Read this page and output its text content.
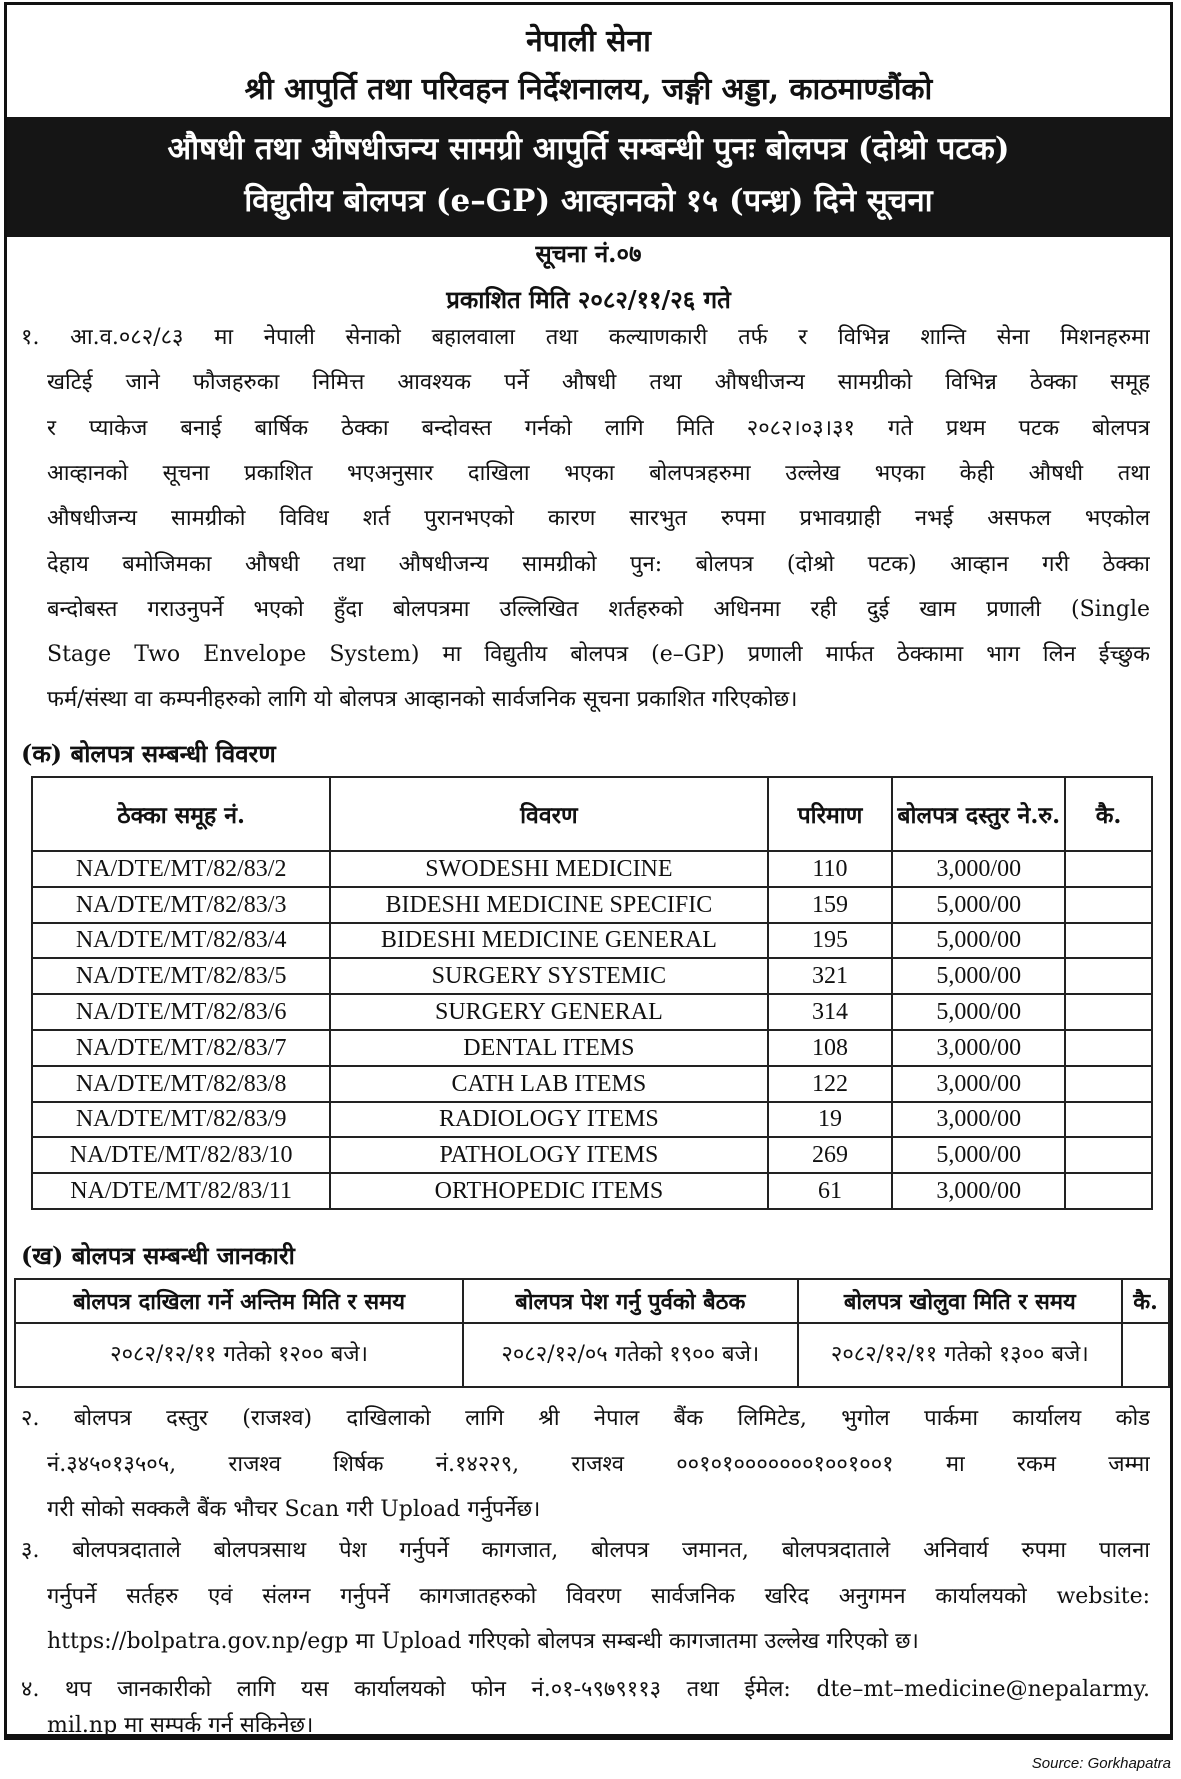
नेपाली सेना
श्री आपुर्ति तथा परिवहन निर्देशनालय, जङ्गी अड्डा, काठमाण्डौंको
औषधी तथा औषधीजन्य सामग्री आपुर्ति सम्बन्धी पुनः बोलपत्र (दोश्रो पटक)
विद्युतीय बोलपत्र (e–GP) आव्हानको १५ (पन्ध्र) दिने सूचना
सूचना नं.०७
प्रकाशित मिति २०८२/११/२६ गते
१. आ.व.०८२/८३ मा नेपाली सेनाको बहालवाला तथा कल्याणकारी तर्फ र विभिन्न शान्ति सेना मिशनहरुमा
खटिई जाने फौजहरुका निमित्त आवश्यक पर्ने औषधी तथा औषधीजन्य सामग्रीको विभिन्न ठेक्का समूह
र प्याकेज बनाई बार्षिक ठेक्का बन्दोवस्त गर्नको लागि मिति २०८२।०३।३१ गते प्रथम पटक बोलपत्र
आव्हानको सूचना प्रकाशित भएअनुसार दाखिला भएका बोलपत्रहरुमा उल्लेख भएका केही औषधी तथा
औषधीजन्य सामग्रीको विविध शर्त पुरानभएको कारण सारभुत रुपमा प्रभावग्राही नभई असफल भएकोल
देहाय बमोजिमका औषधी तथा औषधीजन्य सामग्रीको पुन: बोलपत्र (दोश्रो पटक) आव्हान गरी ठेक्का
बन्दोबस्त गराउनुपर्ने भएको हुँदा बोलपत्रमा उल्लिखित शर्तहरुको अधिनमा रही दुई खाम प्रणाली (Single
Stage Two Envelope System) मा विद्युतीय बोलपत्र (e–GP) प्रणाली मार्फत ठेक्कामा भाग लिन ईच्छुक
फर्म/संस्था वा कम्पनीहरुको लागि यो बोलपत्र आव्हानको सार्वजनिक सूचना प्रकाशित गरिएकोछ।
(क) बोलपत्र सम्बन्धी विवरण
ठेक्का समूह नं.	विवरण	परिमाण	बोलपत्र दस्तुर ने.रु.	कै.
NA/DTE/MT/82/83/2	SWODESHI MEDICINE	110	3,000/00	
NA/DTE/MT/82/83/3	BIDESHI MEDICINE SPECIFIC	159	5,000/00	
NA/DTE/MT/82/83/4	BIDESHI MEDICINE GENERAL	195	5,000/00	
NA/DTE/MT/82/83/5	SURGERY SYSTEMIC	321	5,000/00	
NA/DTE/MT/82/83/6	SURGERY GENERAL	314	5,000/00	
NA/DTE/MT/82/83/7	DENTAL ITEMS	108	3,000/00	
NA/DTE/MT/82/83/8	CATH LAB ITEMS	122	3,000/00	
NA/DTE/MT/82/83/9	RADIOLOGY ITEMS	19	3,000/00	
NA/DTE/MT/82/83/10	PATHOLOGY ITEMS	269	5,000/00	
NA/DTE/MT/82/83/11	ORTHOPEDIC ITEMS	61	3,000/00	
(ख) बोलपत्र सम्बन्धी जानकारी
बोलपत्र दाखिला गर्ने अन्तिम मिति र समय	बोलपत्र पेश गर्नु पुर्वको बैठक	बोलपत्र खोलुवा मिति र समय	कै.
२०८२/१२/११ गतेको १२०० बजे।	२०८२/१२/०५ गतेको १९०० बजे।	२०८२/१२/११ गतेको १३०० बजे।	
२. बोलपत्र दस्तुर (राजश्व) दाखिलाको लागि श्री नेपाल बैंक लिमिटेड, भुगोल पार्कमा कार्यालय कोड
नं.३४५०१३५०५, राजश्व शिर्षक नं.१४२२९, राजश्व ००१०१०००००००१००१००१ मा रकम जम्मा
गरी सोको सक्कलै बैंक भौचर Scan गरी Upload गर्नुपर्नेछ।
३. बोलपत्रदाताले बोलपत्रसाथ पेश गर्नुपर्ने कागजात, बोलपत्र जमानत, बोलपत्रदाताले अनिवार्य रुपमा पालना
गर्नुपर्ने सर्तहरु एवं संलग्न गर्नुपर्ने कागजातहरुको विवरण सार्वजनिक खरिद अनुगमन कार्यालयको website:
https://bolpatra.gov.np/egp मा Upload गरिएको बोलपत्र सम्बन्धी कागजातमा उल्लेख गरिएको छ।
४. थप जानकारीको लागि यस कार्यालयको फोन नं.०१-५९७९११३ तथा ईमेल: dte–mt–medicine@nepalarmy.
mil.np मा सम्पर्क गर्न सकिनेछ।
Source: Gorkhapatra
